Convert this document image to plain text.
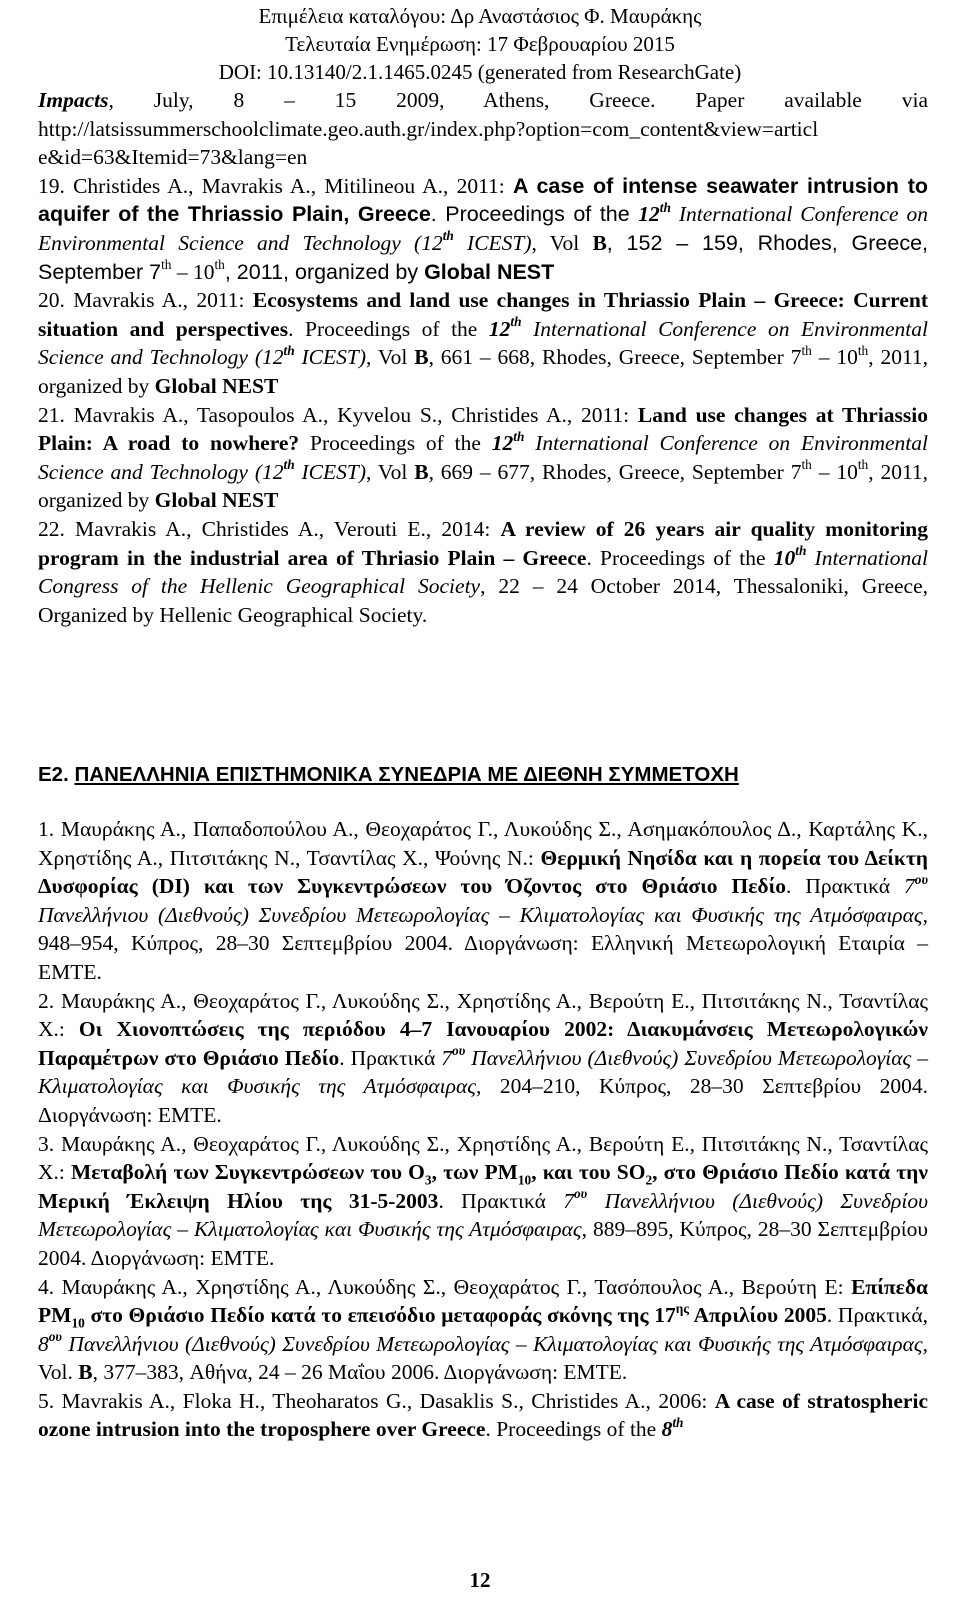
Επιμέλεια καταλόγου: Δρ Αναστάσιος Φ. Μαυράκης
Τελευταία Ενημέρωση: 17 Φεβρουαρίου 2015
DOI: 10.13140/2.1.1465.0245 (generated from ResearchGate)
Impacts, July, 8 – 15 2009, Athens, Greece. Paper available via http://latsissummerschoolclimate.geo.auth.gr/index.php?option=com_content&view=articl e&id=63&Itemid=73&lang=en
19. Christides A., Mavrakis A., Mitilineou A., 2011: A case of intense seawater intrusion to aquifer of the Thriassio Plain, Greece. Proceedings of the 12th International Conference on Environmental Science and Technology (12th ICEST), Vol B, 152 – 159, Rhodes, Greece, September 7th – 10th, 2011, organized by Global NEST
20. Mavrakis A., 2011: Ecosystems and land use changes in Thriassio Plain – Greece: Current situation and perspectives. Proceedings of the 12th International Conference on Environmental Science and Technology (12th ICEST), Vol B, 661 – 668, Rhodes, Greece, September 7th – 10th, 2011, organized by Global NEST
21. Mavrakis A., Tasopoulos A., Kyvelou S., Christides A., 2011: Land use changes at Thriassio Plain: A road to nowhere? Proceedings of the 12th International Conference on Environmental Science and Technology (12th ICEST), Vol B, 669 – 677, Rhodes, Greece, September 7th – 10th, 2011, organized by Global NEST
22. Mavrakis A., Christides A., Verouti E., 2014: A review of 26 years air quality monitoring program in the industrial area of Thriasio Plain – Greece. Proceedings of the 10th International Congress of the Hellenic Geographical Society, 22 – 24 October 2014, Thessaloniki, Greece, Organized by Hellenic Geographical Society.
E2. ΠΑΝΕΛΛΗΝΙΑ ΕΠΙΣΤΗΜΟΝΙΚΑ ΣΥΝΕΔΡΙΑ ΜΕ ΔΙΕΘΝΗ ΣΥΜΜΕΤΟΧΗ
1. Μαυράκης Α., Παπαδοπούλου Α., Θεοχαράτος Γ., Λυκούδης Σ., Ασημακόπουλος Δ., Καρτάλης Κ., Χρηστίδης Α., Πιτσιτάκης Ν., Τσαντίλας Χ., Ψούνης Ν.: Θερμική Νησίδα και η πορεία του Δείκτη Δυσφορίας (DI) και των Συγκεντρώσεων του Όζοντος στο Θριάσιο Πεδίο. Πρακτικά $7^{o\upsilon}$ Πανελλήνιου (Διεθνούς) Συνεδρίου Μετεωρολογίας – Κλιματολογίας και Φυσικής της Ατμόσφαιρας, 948–954, Κύπρος, 28–30 Σεπτεμβρίου 2004. Διοργάνωση: Ελληνική Μετεωρολογική Εταιρία – ΕΜΤΕ.
2. Μαυράκης Α., Θεοχαράτος Γ., Λυκούδης Σ., Χρηστίδης Α., Βερούτη Ε., Πιτσιτάκης Ν., Τσαντίλας Χ.: Οι Χιονοπτώσεις της περιόδου 4–7 Ιανουαρίου 2002: Διακυμάνσεις Μετεωρολογικών Παραμέτρων στο Θριάσιο Πεδίο. Πρακτικά $7^{o\upsilon}$ Πανελλήνιου (Διεθνούς) Συνεδρίου Μετεωρολογίας – Κλιματολογίας και Φυσικής της Ατμόσφαιρας, 204–210, Κύπρος, 28–30 Σεπτεβρίου 2004. Διοργάνωση: ΕΜΤΕ.
3. Μαυράκης Α., Θεοχαράτος Γ., Λυκούδης Σ., Χρηστίδης Α., Βερούτη Ε., Πιτσιτάκης Ν., Τσαντίλας Χ.: Μεταβολή των Συγκεντρώσεων του $O_3$, των $PM_{10}$, και του $SO_2$, στο Θριάσιο Πεδίο κατά την Μερική Έκλειψη Ηλίου της 31-5-2003. Πρακτικά $7^{o\upsilon}$ Πανελλήνιου (Διεθνούς) Συνεδρίου Μετεωρολογίας – Κλιματολογίας και Φυσικής της Ατμόσφαιρας, 889–895, Κύπρος, 28–30 Σεπτεμβρίου 2004. Διοργάνωση: ΕΜΤΕ.
4. Μαυράκης Α., Χρηστίδης Α., Λυκούδης Σ., Θεοχαράτος Γ., Τασόπουλος Α., Βερούτη Ε: Επίπεδα $PM_{10}$ στο Θριάσιο Πεδίο κατά το επεισόδιο μεταφοράς σκόνης της $17^{\eta\varsigma}$ Απριλίου 2005. Πρακτικά, $8^{o\upsilon}$ Πανελλήνιου (Διεθνούς) Συνεδρίου Μετεωρολογίας – Κλιματολογίας και Φυσικής της Ατμόσφαιρας, Vol. B, 377–383, Αθήνα, 24 – 26 Μαΐου 2006. Διοργάνωση: ΕΜΤΕ.
5. Mavrakis A., Floka H., Theoharatos G., Dasaklis S., Christides A., 2006: A case of stratospheric ozone intrusion into the troposphere over Greece. Proceedings of the 8th
12
